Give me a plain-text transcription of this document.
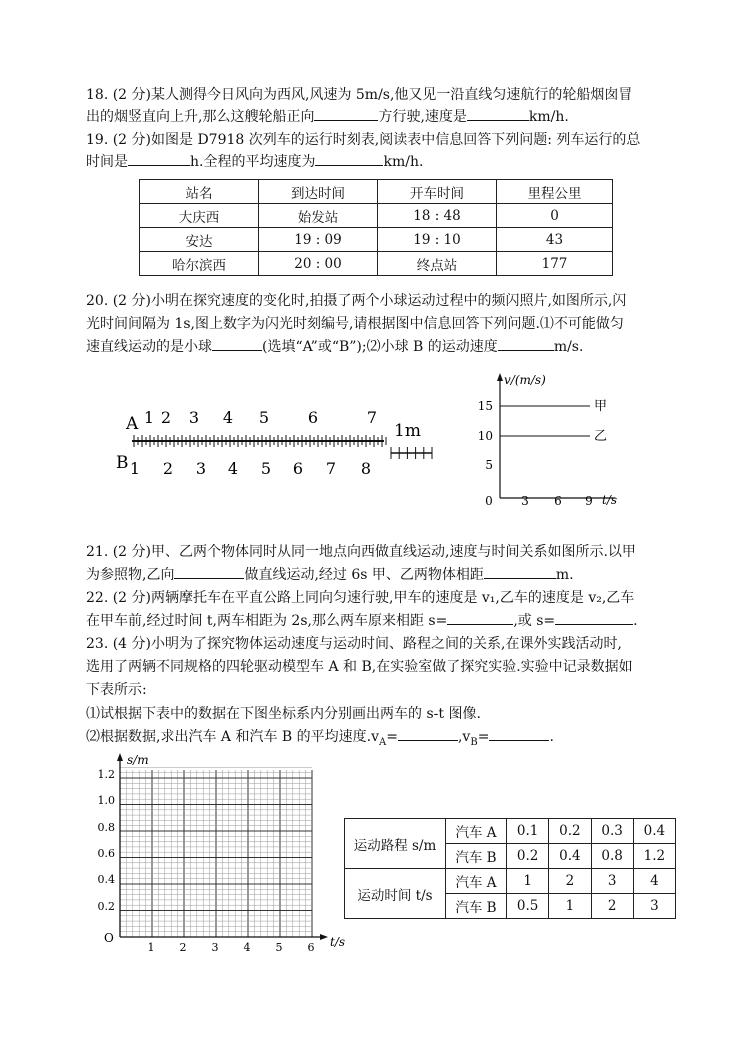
18. (2 分)某人测得今日风向为西风,风速为 5m/s,他又见一沿直线匀速航行的轮船烟囱冒
出的烟竖直向上升,那么这艘轮船正向	方行驶,速度是	km/h.
19. (2 分)如图是 D7918 次列车的运行时刻表,阅读表中信息回答下列问题: 列车运行的总
时间是	h.全程的平均速度为	km/h.
站名	到达时间	开车时间	里程公里
大庆西	始发站	18 : 48	0
安达	19 : 09	19 : 10	43
哈尔滨西	20 : 00	终点站	177
20. (2 分)小明在探究速度的变化时,拍摄了两个小球运动过程中的频闪照片,如图所示,闪
光时间间隔为 1s,图上数字为闪光时刻编号,请根据图中信息回答下列问题.⑴不可能做匀
速直线运动的是小球	(选填“A”或“B”);⑵小球 B 的运动速度	m/s.
A
B
1 2 3 4 5 6	7
1 2 3 4 5 6 7 8
1m
v/(m/s)
t/s
15
10
5
0 3 6 9
甲
乙
21. (2 分)甲、乙两个物体同时从同一地点向西做直线运动,速度与时间关系如图所示.以甲
为参照物,乙向	做直线运动,经过 6s 甲、乙两物体相距	m.
22. (2 分)两辆摩托车在平直公路上同向匀速行驶,甲车的速度是 v₁,乙车的速度是 v₂,乙车
在甲车前,经过时间 t,两车相距为 2s,那么两车原来相距 s=	,或 s=	.
23. (4 分)小明为了探究物体运动速度与运动时间、路程之间的关系,在课外实践活动时,
选用了两辆不同规格的四轮驱动模型车 A 和 B,在实验室做了探究实验.实验中记录数据如
下表所示:
⑴试根据下表中的数据在下图坐标系内分别画出两车的 s-t 图像.
⑵根据数据,求出汽车 A 和汽车 B 的平均速度$.v_A=$	$,v_B=$	.
s/m
t/s
O
1.2
1.0
0.8
0.6
0.4
0.2
1 2 3 4 5 6
运动路程 s/m	汽车 A	0.1	0.2	0.3	0.4
	汽车 B	0.2	0.4	0.8	1.2
运动时间 t/s	汽车 A	1	2	3	4
	汽车 B	0.5	1	2	3
